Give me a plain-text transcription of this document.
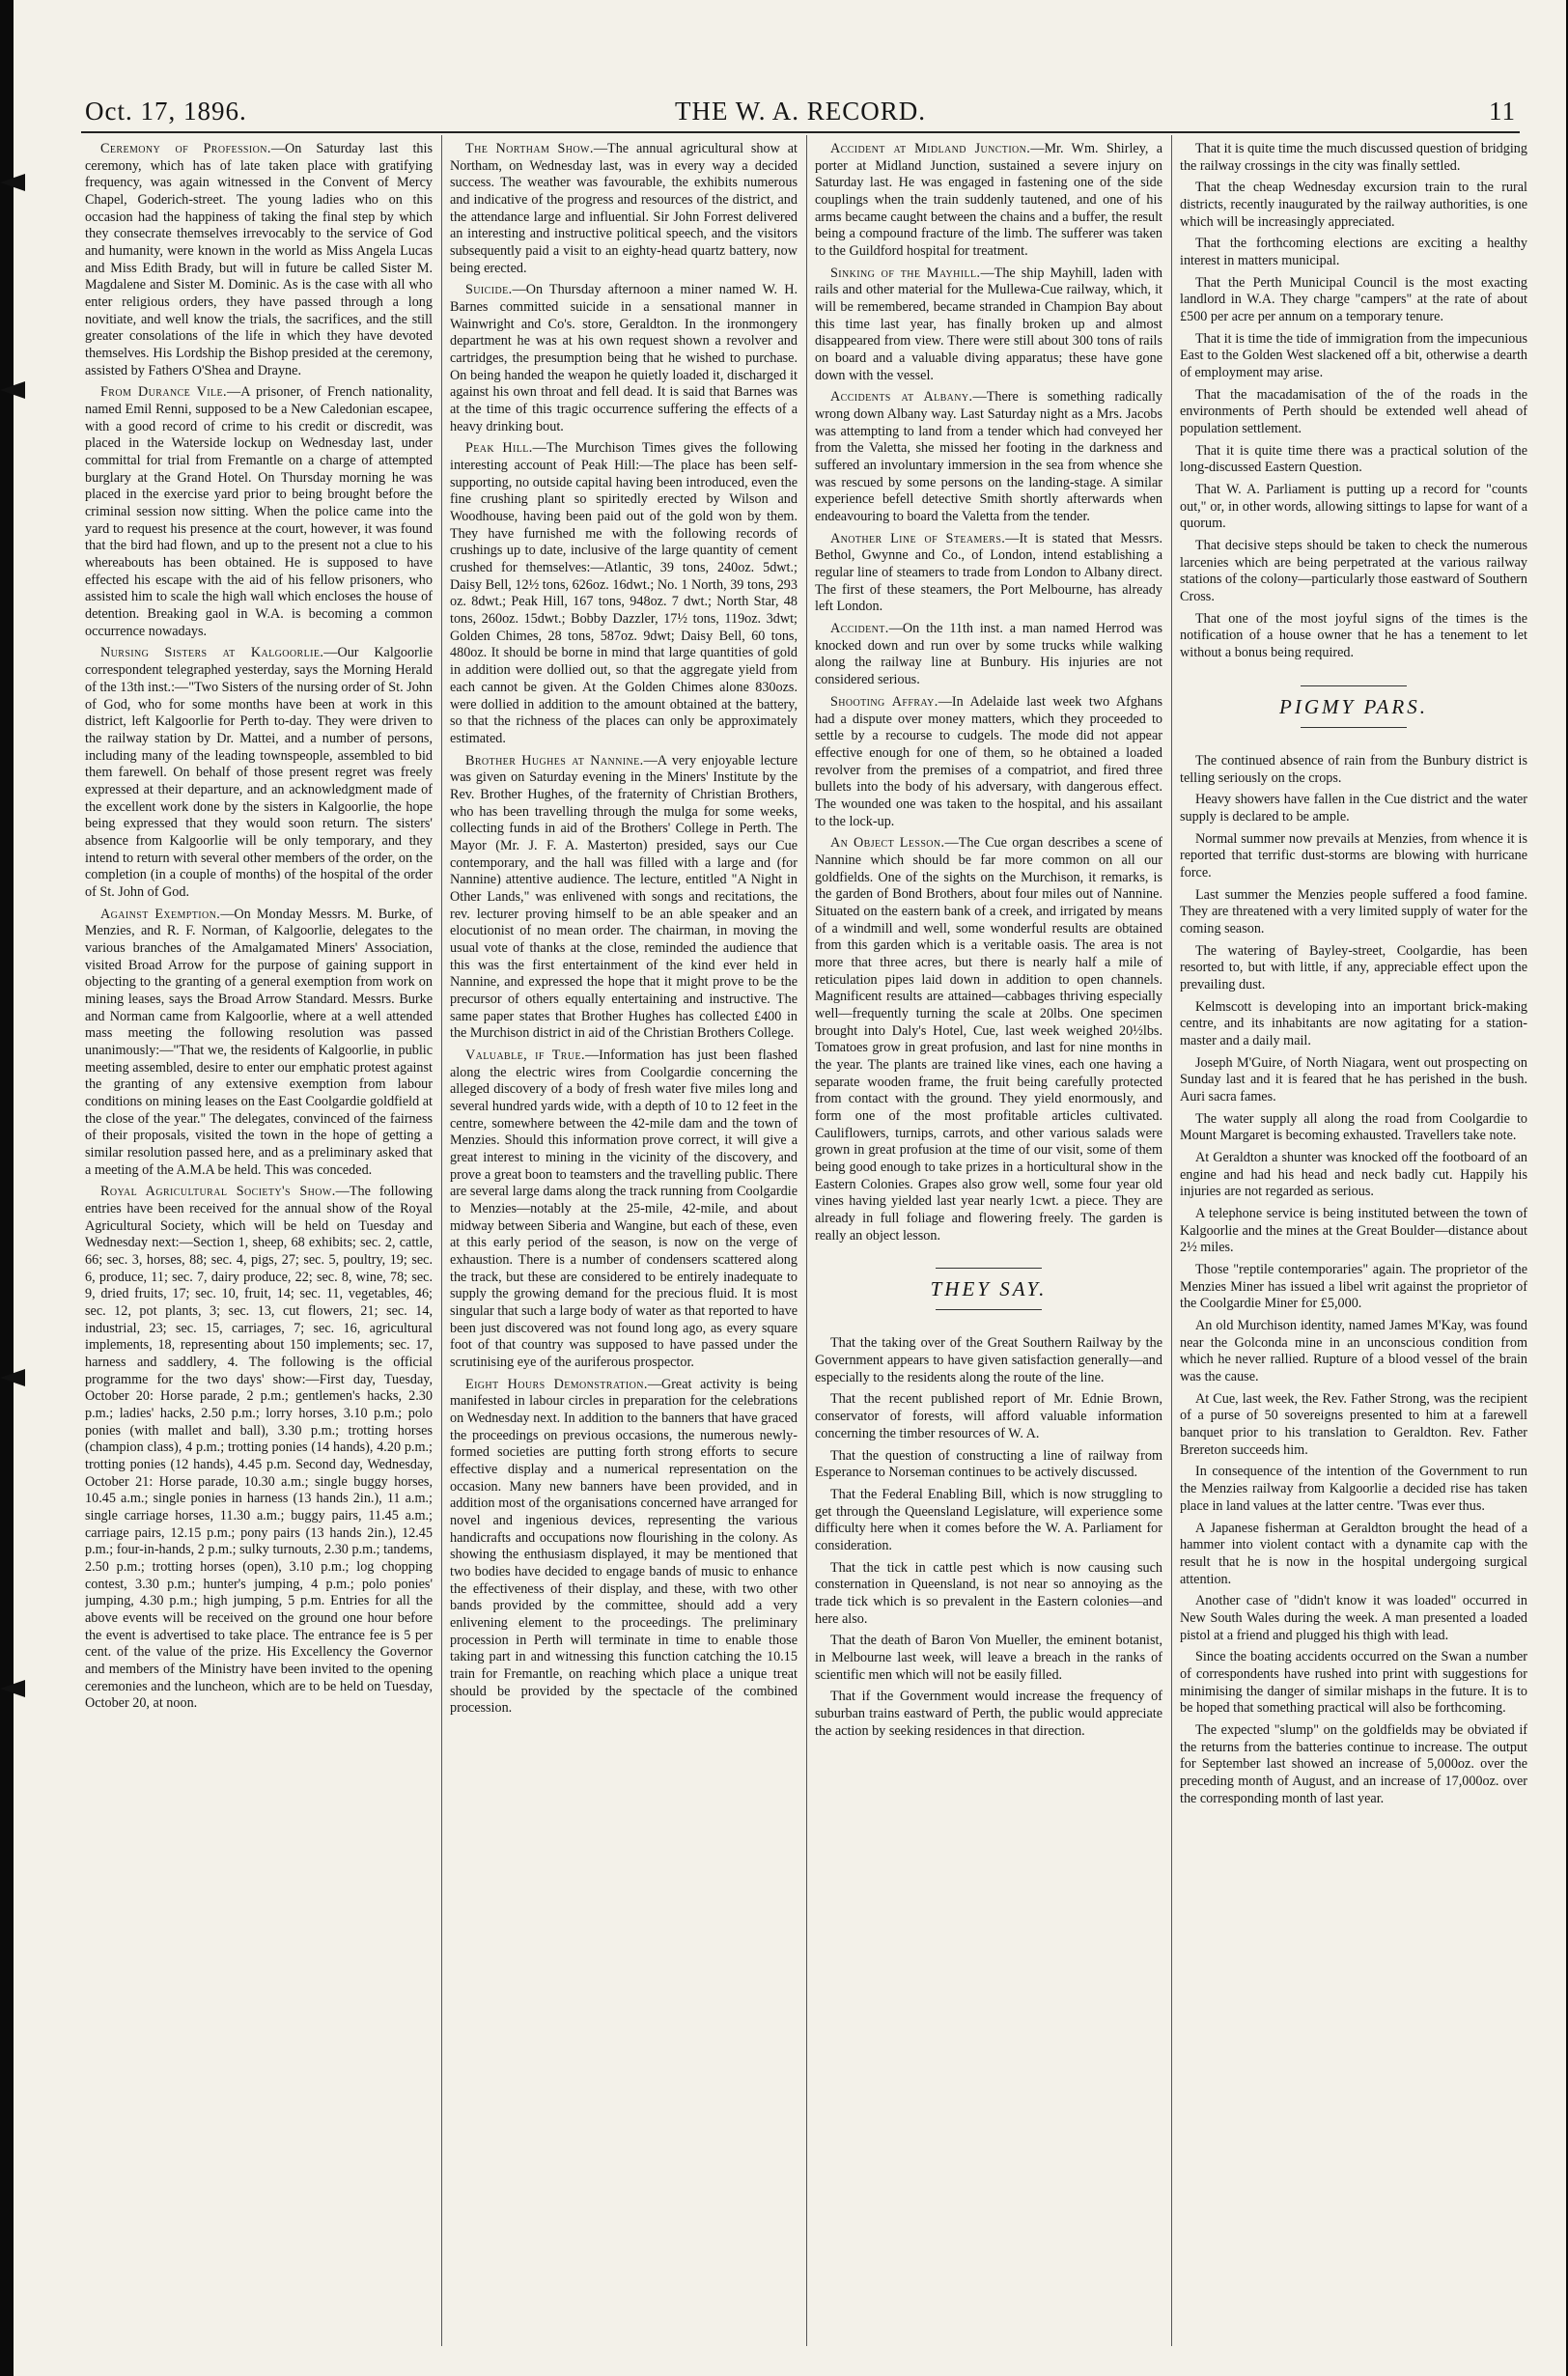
Oct. 17, 1896.	THE W. A. RECORD.	11

Ceremony of Profession.—On Saturday last this ceremony, which has of late taken place with gratifying frequency, was again witnessed in the Convent of Mercy Chapel, Goderich-street. The young ladies who on this occasion had the happiness of taking the final step by which they consecrate themselves irrevocably to the service of God and humanity, were known in the world as Miss Angela Lucas and Miss Edith Brady, but will in future be called Sister M. Magdalene and Sister M. Dominic. As is the case with all who enter religious orders, they have passed through a long novitiate, and well know the trials, the sacrifices, and the still greater consolations of the life in which they have devoted themselves. His Lordship the Bishop presided at the ceremony, assisted by Fathers O'Shea and Drayne.

From Durance Vile.—A prisoner, of French nationality, named Emil Renni, supposed to be a New Caledonian escapee, with a good record of crime to his credit or discredit, was placed in the Waterside lockup on Wednesday last, under committal for trial from Fremantle on a charge of attempted burglary at the Grand Hotel. On Thursday morning he was placed in the exercise yard prior to being brought before the criminal session now sitting. When the police came into the yard to request his presence at the court, however, it was found that the bird had flown, and up to the present not a clue to his whereabouts has been obtained. He is supposed to have effected his escape with the aid of his fellow prisoners, who assisted him to scale the high wall which encloses the house of detention. Breaking gaol in W.A. is becoming a common occurrence nowadays.

Nursing Sisters at Kalgoorlie.—Our Kalgoorlie correspondent telegraphed yesterday, says the Morning Herald of the 13th inst.:—"Two Sisters of the nursing order of St. John of God, who for some months have been at work in this district, left Kalgoorlie for Perth to-day. They were driven to the railway station by Dr. Mattei, and a number of persons, including many of the leading townspeople, assembled to bid them farewell. On behalf of those present regret was freely expressed at their departure, and an acknowledgment made of the excellent work done by the sisters in Kalgoorlie, the hope being expressed that they would soon return. The sisters' absence from Kalgoorlie will be only temporary, and they intend to return with several other members of the order, on the completion (in a couple of months) of the hospital of the order of St. John of God.

Against Exemption.—On Monday Messrs. M. Burke, of Menzies, and R. F. Norman, of Kalgoorlie, delegates to the various branches of the Amalgamated Miners' Association, visited Broad Arrow for the purpose of gaining support in objecting to the granting of a general exemption from work on mining leases, says the Broad Arrow Standard. Messrs. Burke and Norman came from Kalgoorlie, where at a well attended mass meeting the following resolution was passed unanimously:—"That we, the residents of Kalgoorlie, in public meeting assembled, desire to enter our emphatic protest against the granting of any extensive exemption from labour conditions on mining leases on the East Coolgardie goldfield at the close of the year." The delegates, convinced of the fairness of their proposals, visited the town in the hope of getting a similar resolution passed here, and as a preliminary asked that a meeting of the A.M.A be held. This was conceded.

Royal Agricultural Society's Show.—The following entries have been received for the annual show of the Royal Agricultural Society, which will be held on Tuesday and Wednesday next:—Section 1, sheep, 68 exhibits; sec. 2, cattle, 66; sec. 3, horses, 88; sec. 4, pigs, 27; sec. 5, poultry, 19; sec. 6, produce, 11; sec. 7, dairy produce, 22; sec. 8, wine, 78; sec. 9, dried fruits, 17; sec. 10, fruit, 14; sec. 11, vegetables, 46; sec. 12, pot plants, 3; sec. 13, cut flowers, 21; sec. 14, industrial, 23; sec. 15, carriages, 7; sec. 16, agricultural implements, 18, representing about 150 implements; sec. 17, harness and saddlery, 4. The following is the official programme for the two days' show:—First day, Tuesday, October 20: Horse parade, 2 p.m.; gentlemen's hacks, 2.30 p.m.; ladies' hacks, 2.50 p.m.; lorry horses, 3.10 p.m.; polo ponies (with mallet and ball), 3.30 p.m.; trotting horses (champion class), 4 p.m.; trotting ponies (14 hands), 4.20 p.m.; trotting ponies (12 hands), 4.45 p.m. Second day, Wednesday, October 21: Horse parade, 10.30 a.m.; single buggy horses, 10.45 a.m.; single ponies in harness (13 hands 2in.), 11 a.m.; single carriage horses, 11.30 a.m.; buggy pairs, 11.45 a.m.; carriage pairs, 12.15 p.m.; pony pairs (13 hands 2in.), 12.45 p.m.; four-in-hands, 2 p.m.; sulky turnouts, 2.30 p.m.; tandems, 2.50 p.m.; trotting horses (open), 3.10 p.m.; log chopping contest, 3.30 p.m.; hunter's jumping, 4 p.m.; polo ponies' jumping, 4.30 p.m.; high jumping, 5 p.m. Entries for all the above events will be received on the ground one hour before the event is advertised to take place. The entrance fee is 5 per cent. of the value of the prize. His Excellency the Governor and members of the Ministry have been invited to the opening ceremonies and the luncheon, which are to be held on Tuesday, October 20, at noon.

The Northam Show.—The annual agricultural show at Northam, on Wednesday last, was in every way a decided success. The weather was favourable, the exhibits numerous and indicative of the progress and resources of the district, and the attendance large and influential. Sir John Forrest delivered an interesting and instructive political speech, and the visitors subsequently paid a visit to an eighty-head quartz battery, now being erected.

Suicide.—On Thursday afternoon a miner named W. H. Barnes committed suicide in a sensational manner in Wainwright and Co's. store, Geraldton. In the ironmongery department he was at his own request shown a revolver and cartridges, the presumption being that he wished to purchase. On being handed the weapon he quietly loaded it, discharged it against his own throat and fell dead. It is said that Barnes was at the time of this tragic occurrence suffering the effects of a heavy drinking bout.

Peak Hill.—The Murchison Times gives the following interesting account of Peak Hill:—The place has been self-supporting, no outside capital having been introduced, even the fine crushing plant so spiritedly erected by Wilson and Woodhouse, having been paid out of the gold won by them. They have furnished me with the following records of crushings up to date, inclusive of the large quantity of cement crushed for themselves:—Atlantic, 39 tons, 240oz. 5dwt.; Daisy Bell, 12½ tons, 626oz. 16dwt.; No. 1 North, 39 tons, 293 oz. 8dwt.; Peak Hill, 167 tons, 948oz. 7 dwt.; North Star, 48 tons, 260oz. 15dwt.; Bobby Dazzler, 17½ tons, 119oz. 3dwt; Golden Chimes, 28 tons, 587oz. 9dwt; Daisy Bell, 60 tons, 480oz. It should be borne in mind that large quantities of gold in addition were dollied out, so that the aggregate yield from each cannot be given. At the Golden Chimes alone 830ozs. were dollied in addition to the amount obtained at the battery, so that the richness of the places can only be approximately estimated.

Brother Hughes at Nannine.—A very enjoyable lecture was given on Saturday evening in the Miners' Institute by the Rev. Brother Hughes, of the fraternity of Christian Brothers, who has been travelling through the mulga for some weeks, collecting funds in aid of the Brothers' College in Perth. The Mayor (Mr. J. F. A. Masterton) presided, says our Cue contemporary, and the hall was filled with a large and (for Nannine) attentive audience. The lecture, entitled "A Night in Other Lands," was enlivened with songs and recitations, the rev. lecturer proving himself to be an able speaker and an elocutionist of no mean order. The chairman, in moving the usual vote of thanks at the close, reminded the audience that this was the first entertainment of the kind ever held in Nannine, and expressed the hope that it might prove to be the precursor of others equally entertaining and instructive. The same paper states that Brother Hughes has collected £400 in the Murchison district in aid of the Christian Brothers College.

Valuable, if True.—Information has just been flashed along the electric wires from Coolgardie concerning the alleged discovery of a body of fresh water five miles long and several hundred yards wide, with a depth of 10 to 12 feet in the centre, somewhere between the 42-mile dam and the town of Menzies. Should this information prove correct, it will give a great interest to mining in the vicinity of the discovery, and prove a great boon to teamsters and the travelling public. There are several large dams along the track running from Coolgardie to Menzies—notably at the 25-mile, 42-mile, and about midway between Siberia and Wangine, but each of these, even at this early period of the season, is now on the verge of exhaustion. There is a number of condensers scattered along the track, but these are considered to be entirely inadequate to supply the growing demand for the precious fluid. It is most singular that such a large body of water as that reported to have been just discovered was not found long ago, as every square foot of that country was supposed to have passed under the scrutinising eye of the auriferous prospector.

Eight Hours Demonstration.—Great activity is being manifested in labour circles in preparation for the celebrations on Wednesday next. In addition to the banners that have graced the proceedings on previous occasions, the numerous newly-formed societies are putting forth strong efforts to secure effective display and a numerical representation on the occasion. Many new banners have been provided, and in addition most of the organisations concerned have arranged for novel and ingenious devices, representing the various handicrafts and occupations now flourishing in the colony. As showing the enthusiasm displayed, it may be mentioned that two bodies have decided to engage bands of music to enhance the effectiveness of their display, and these, with two other bands provided by the committee, should add a very enlivening element to the proceedings. The preliminary procession in Perth will terminate in time to enable those taking part in and witnessing this function catching the 10.15 train for Fremantle, on reaching which place a unique treat should be provided by the spectacle of the combined procession.

Accident at Midland Junction.—Mr. Wm. Shirley, a porter at Midland Junction, sustained a severe injury on Saturday last. He was engaged in fastening one of the side couplings when the train suddenly tautened, and one of his arms became caught between the chains and a buffer, the result being a compound fracture of the limb. The sufferer was taken to the Guildford hospital for treatment.

Sinking of the Mayhill.—The ship Mayhill, laden with rails and other material for the Mullewa-Cue railway, which, it will be remembered, became stranded in Champion Bay about this time last year, has finally broken up and almost disappeared from view. There were still about 300 tons of rails on board and a valuable diving apparatus; these have gone down with the vessel.

Accidents at Albany.—There is something radically wrong down Albany way. Last Saturday night as a Mrs. Jacobs was attempting to land from a tender which had conveyed her from the Valetta, she missed her footing in the darkness and suffered an involuntary immersion in the sea from whence she was rescued by some persons on the landing-stage. A similar experience befell detective Smith shortly afterwards when endeavouring to board the Valetta from the tender.

Another Line of Steamers.—It is stated that Messrs. Bethol, Gwynne and Co., of London, intend establishing a regular line of steamers to trade from London to Albany direct. The first of these steamers, the Port Melbourne, has already left London.

Accident.—On the 11th inst. a man named Herrod was knocked down and run over by some trucks while walking along the railway line at Bunbury. His injuries are not considered serious.

Shooting Affray.—In Adelaide last week two Afghans had a dispute over money matters, which they proceeded to settle by a recourse to cudgels. The mode did not appear effective enough for one of them, so he obtained a loaded revolver from the premises of a compatriot, and fired three bullets into the body of his adversary, with dangerous effect. The wounded one was taken to the hospital, and his assailant to the lock-up.

An Object Lesson.—The Cue organ describes a scene of Nannine which should be far more common on all our goldfields. One of the sights on the Murchison, it remarks, is the garden of Bond Brothers, about four miles out of Nannine. Situated on the eastern bank of a creek, and irrigated by means of a windmill and well, some wonderful results are obtained from this garden which is a veritable oasis. The area is not more that three acres, but there is nearly half a mile of reticulation pipes laid down in addition to open channels. Magnificent results are attained—cabbages thriving especially well—frequently turning the scale at 20lbs. One specimen brought into Daly's Hotel, Cue, last week weighed 20½lbs. Tomatoes grow in great profusion, and last for nine months in the year. The plants are trained like vines, each one having a separate wooden frame, the fruit being carefully protected from contact with the ground. They yield enormously, and form one of the most profitable articles cultivated. Cauliflowers, turnips, carrots, and other various salads were grown in great profusion at the time of our visit, some of them being good enough to take prizes in a horticultural show in the Eastern Colonies. Grapes also grow well, some four year old vines having yielded last year nearly 1cwt. a piece. They are already in full foliage and flowering freely. The garden is really an object lesson.

THEY SAY.

That the taking over of the Great Southern Railway by the Government appears to have given satisfaction generally—and especially to the residents along the route of the line.

That the recent published report of Mr. Ednie Brown, conservator of forests, will afford valuable information concerning the timber resources of W. A.

That the question of constructing a line of railway from Esperance to Norseman continues to be actively discussed.

That the Federal Enabling Bill, which is now struggling to get through the Queensland Legislature, will experience some difficulty here when it comes before the W. A. Parliament for consideration.

That the tick in cattle pest which is now causing such consternation in Queensland, is not near so annoying as the trade tick which is so prevalent in the Eastern colonies—and here also.

That the death of Baron Von Mueller, the eminent botanist, in Melbourne last week, will leave a breach in the ranks of scientific men which will not be easily filled.

That if the Government would increase the frequency of suburban trains eastward of Perth, the public would appreciate the action by seeking residences in that direction.

That it is quite time the much discussed question of bridging the railway crossings in the city was finally settled.

That the cheap Wednesday excursion train to the rural districts, recently inaugurated by the railway authorities, is one which will be increasingly appreciated.

That the forthcoming elections are exciting a healthy interest in matters municipal.

That the Perth Municipal Council is the most exacting landlord in W.A. They charge "campers" at the rate of about £500 per acre per annum on a temporary tenure.

That it is time the tide of immigration from the impecunious East to the Golden West slackened off a bit, otherwise a dearth of employment may arise.

That the macadamisation of the of the roads in the environments of Perth should be extended well ahead of population settlement.

That it is quite time there was a practical solution of the long-discussed Eastern Question.

That W. A. Parliament is putting up a record for "counts out," or, in other words, allowing sittings to lapse for want of a quorum.

That decisive steps should be taken to check the numerous larcenies which are being perpetrated at the various railway stations of the colony—particularly those eastward of Southern Cross.

That one of the most joyful signs of the times is the notification of a house owner that he has a tenement to let without a bonus being required.

PIGMY PARS.

The continued absence of rain from the Bunbury district is telling seriously on the crops.

Heavy showers have fallen in the Cue district and the water supply is declared to be ample.

Normal summer now prevails at Menzies, from whence it is reported that terrific dust-storms are blowing with hurricane force.

Last summer the Menzies people suffered a food famine. They are threatened with a very limited supply of water for the coming season.

The watering of Bayley-street, Coolgardie, has been resorted to, but with little, if any, appreciable effect upon the prevailing dust.

Kelmscott is developing into an important brick-making centre, and its inhabitants are now agitating for a station-master and a daily mail.

Joseph M'Guire, of North Niagara, went out prospecting on Sunday last and it is feared that he has perished in the bush. Auri sacra fames.

The water supply all along the road from Coolgardie to Mount Margaret is becoming exhausted. Travellers take note.

At Geraldton a shunter was knocked off the footboard of an engine and had his head and neck badly cut. Happily his injuries are not regarded as serious.

A telephone service is being instituted between the town of Kalgoorlie and the mines at the Great Boulder—distance about 2½ miles.

Those "reptile contemporaries" again. The proprietor of the Menzies Miner has issued a libel writ against the proprietor of the Coolgardie Miner for £5,000.

An old Murchison identity, named James M'Kay, was found near the Golconda mine in an unconscious condition from which he never rallied. Rupture of a blood vessel of the brain was the cause.

At Cue, last week, the Rev. Father Strong, was the recipient of a purse of 50 sovereigns presented to him at a farewell banquet prior to his translation to Geraldton. Rev. Father Brereton succeeds him.

In consequence of the intention of the Government to run the Menzies railway from Kalgoorlie a decided rise has taken place in land values at the latter centre. 'Twas ever thus.

A Japanese fisherman at Geraldton brought the head of a hammer into violent contact with a dynamite cap with the result that he is now in the hospital undergoing surgical attention.

Another case of "didn't know it was loaded" occurred in New South Wales during the week. A man presented a loaded pistol at a friend and plugged his thigh with lead.

Since the boating accidents occurred on the Swan a number of correspondents have rushed into print with suggestions for minimising the danger of similar mishaps in the future. It is to be hoped that something practical will also be forthcoming.

The expected "slump" on the goldfields may be obviated if the returns from the batteries continue to increase. The output for September last showed an increase of 5,000oz. over the preceding month of August, and an increase of 17,000oz. over the corresponding month of last year.
